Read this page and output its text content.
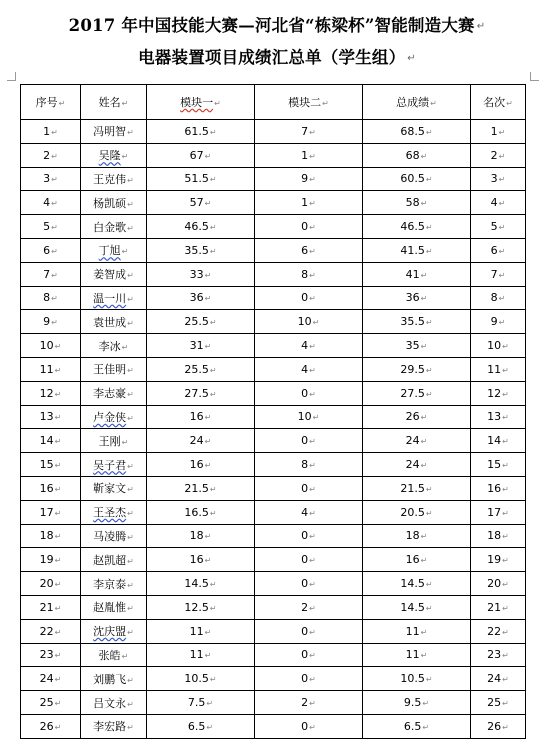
2017 年中国技能大赛—河北省“栋梁杯”智能制造大赛 ↵
电器装置项目成绩汇总单（学生组） ↵
序号↵	姓名↵	模块一↵	模块二↵	总成绩↵	名次↵
1↵	冯明智↵	61.5↵	7↵	68.5↵	1↵
2↵	吴隆↵	67↵	1↵	68↵	2↵
3↵	王克伟↵	51.5↵	9↵	60.5↵	3↵
4↵	杨凯硕↵	57↵	1↵	58↵	4↵
5↵	白金歌↵	46.5↵	0↵	46.5↵	5↵
6↵	丁旭↵	35.5↵	6↵	41.5↵	6↵
7↵	姜智成↵	33↵	8↵	41↵	7↵
8↵	温一川↵	36↵	0↵	36↵	8↵
9↵	袁世成↵	25.5↵	10↵	35.5↵	9↵
10↵	李冰↵	31↵	4↵	35↵	10↵
11↵	王佳明↵	25.5↵	4↵	29.5↵	11↵
12↵	李志豪↵	27.5↵	0↵	27.5↵	12↵
13↵	卢金侠↵	16↵	10↵	26↵	13↵
14↵	王刚↵	24↵	0↵	24↵	14↵
15↵	吴子君↵	16↵	8↵	24↵	15↵
16↵	靳家文↵	21.5↵	0↵	21.5↵	16↵
17↵	王圣杰↵	16.5↵	4↵	20.5↵	17↵
18↵	马凌腾↵	18↵	0↵	18↵	18↵
19↵	赵凯超↵	16↵	0↵	16↵	19↵
20↵	李京泰↵	14.5↵	0↵	14.5↵	20↵
21↵	赵胤惟↵	12.5↵	2↵	14.5↵	21↵
22↵	沈庆盟↵	11↵	0↵	11↵	22↵
23↵	张皓↵	11↵	0↵	11↵	23↵
24↵	刘鹏飞↵	10.5↵	0↵	10.5↵	24↵
25↵	吕文永↵	7.5↵	2↵	9.5↵	25↵
26↵	李宏路↵	6.5↵	0↵	6.5↵	26↵
